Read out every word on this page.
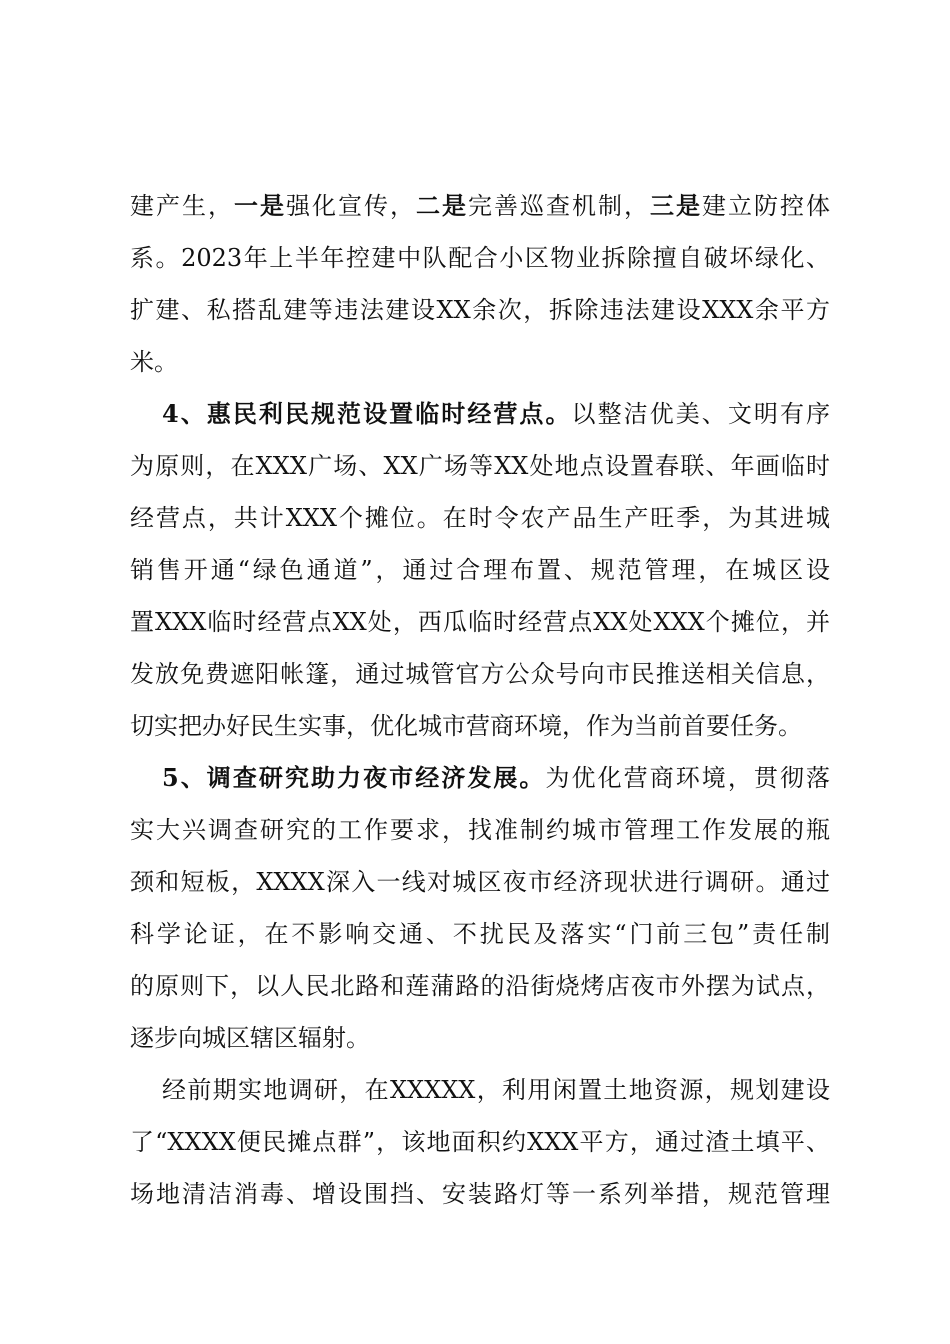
建产生，一是强化宣传，二是完善巡查机制，三是建立防控体
系。2023年上半年控建中队配合小区物业拆除擅自破坏绿化、
扩建、私搭乱建等违法建设XX余次，拆除违法建设XXX余平方
米。
4、惠民利民规范设置临时经营点。以整洁优美、文明有序
为原则，在XXX广场、XX广场等XX处地点设置春联、年画临时
经营点，共计XXX个摊位。在时令农产品生产旺季，为其进城
销售开通“绿色通道”，通过合理布置、规范管理，在城区设
置XXX临时经营点XX处，西瓜临时经营点XX处XXX个摊位，并
发放免费遮阳帐篷，通过城管官方公众号向市民推送相关信息，
切实把办好民生实事，优化城市营商环境，作为当前首要任务。
5、调查研究助力夜市经济发展。为优化营商环境，贯彻落
实大兴调查研究的工作要求，找准制约城市管理工作发展的瓶
颈和短板，XXXX深入一线对城区夜市经济现状进行调研。通过
科学论证，在不影响交通、不扰民及落实“门前三包”责任制
的原则下，以人民北路和莲蒲路的沿街烧烤店夜市外摆为试点，
逐步向城区辖区辐射。
经前期实地调研，在XXXXX，利用闲置土地资源，规划建设
了“XXXX便民摊点群”，该地面积约XXX平方，通过渣土填平、
场地清洁消毒、增设围挡、安装路灯等一系列举措，规范管理
